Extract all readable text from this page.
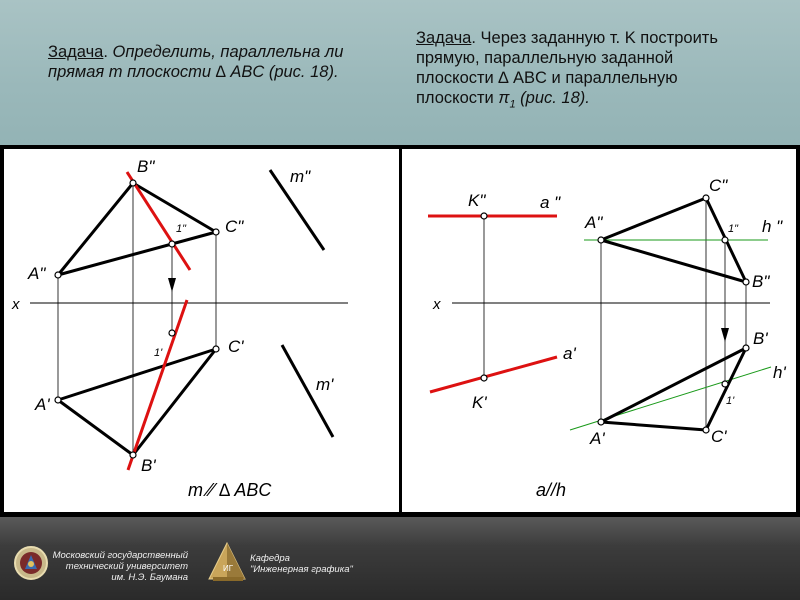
Задача. Определить, параллельна ли прямая m плоскости ∆ ABC (рис. 18).
Задача. Через заданную т. K построить
прямую, параллельную заданной
плоскости ∆ ABC и параллельную
плоскости $\pi_1$ (рис. 18).
x
B"
C"
A"
1"
m"
C'
1'
A'
B'
m'
m ⁄⁄ ∆ ABC
x
K"	a "
C"
A"	1" h "
B"
B'
a'
h'
K'	1'
A'	C'
a//h
Московский государственный
технический университет
им. Н.Э. Баумана
ИГ
Кафедра
"Инженерная графика"
